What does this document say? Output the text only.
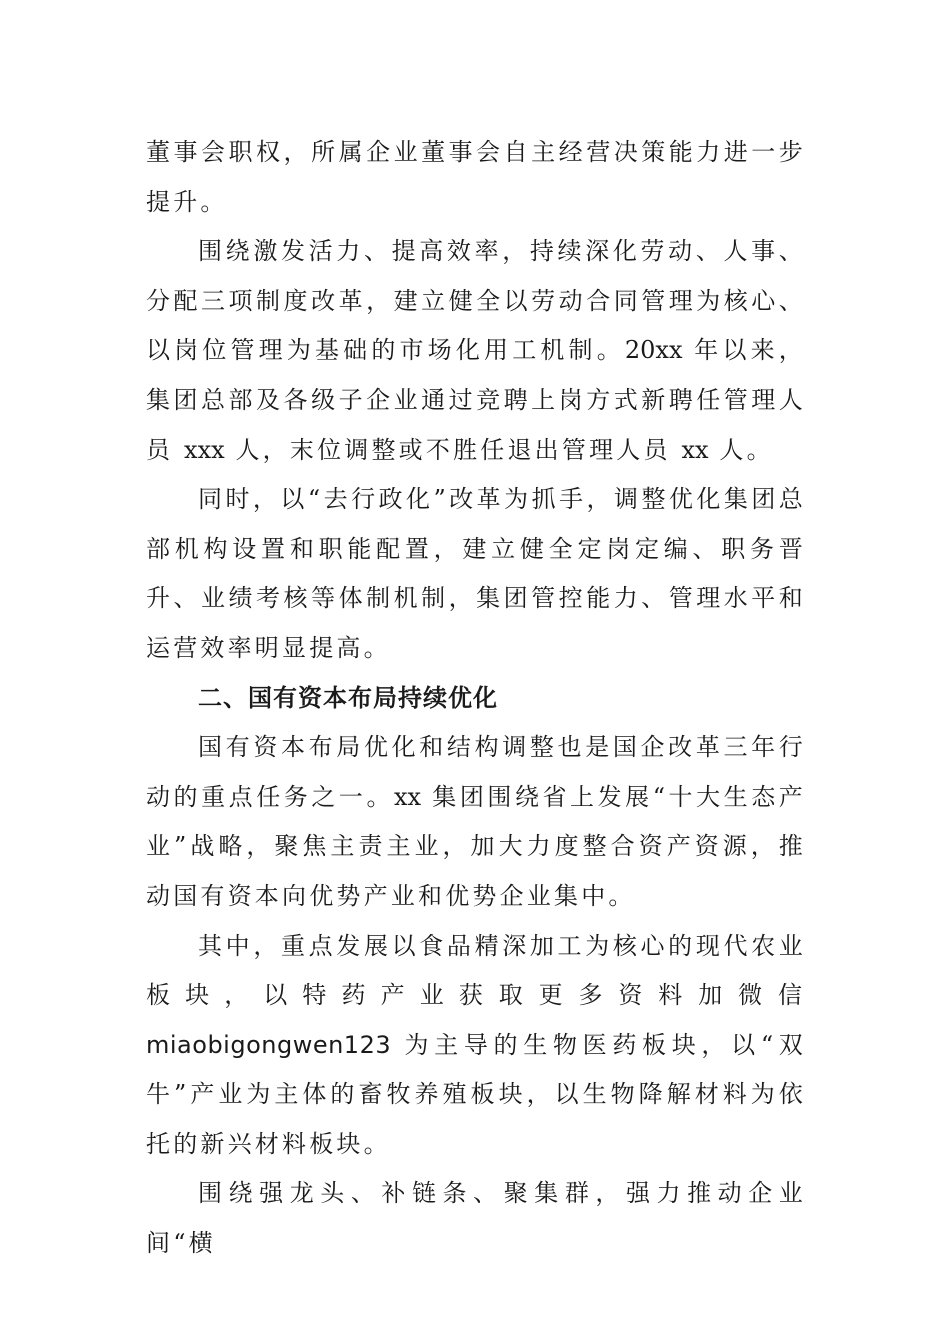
董事会职权，所属企业董事会自主经营决策能力进一步提升。

围绕激发活力、提高效率，持续深化劳动、人事、分配三项制度改革，建立健全以劳动合同管理为核心、以岗位管理为基础的市场化用工机制。20xx 年以来，集团总部及各级子企业通过竞聘上岗方式新聘任管理人员 xxx 人，末位调整或不胜任退出管理人员 xx 人。

同时，以“去行政化”改革为抓手，调整优化集团总部机构设置和职能配置，建立健全定岗定编、职务晋升、业绩考核等体制机制，集团管控能力、管理水平和运营效率明显提高。

二、国有资本布局持续优化

国有资本布局优化和结构调整也是国企改革三年行动的重点任务之一。xx 集团围绕省上发展“十大生态产业”战略，聚焦主责主业，加大力度整合资产资源，推动国有资本向优势产业和优势企业集中。

其中，重点发展以食品精深加工为核心的现代农业板块，以特药产业获取更多资料加微信miaobigongwen123 为主导的生物医药板块，以“双牛”产业为主体的畜牧养殖板块，以生物降解材料为依托的新兴材料板块。

围绕强龙头、补链条、聚集群，强力推动企业间“横
